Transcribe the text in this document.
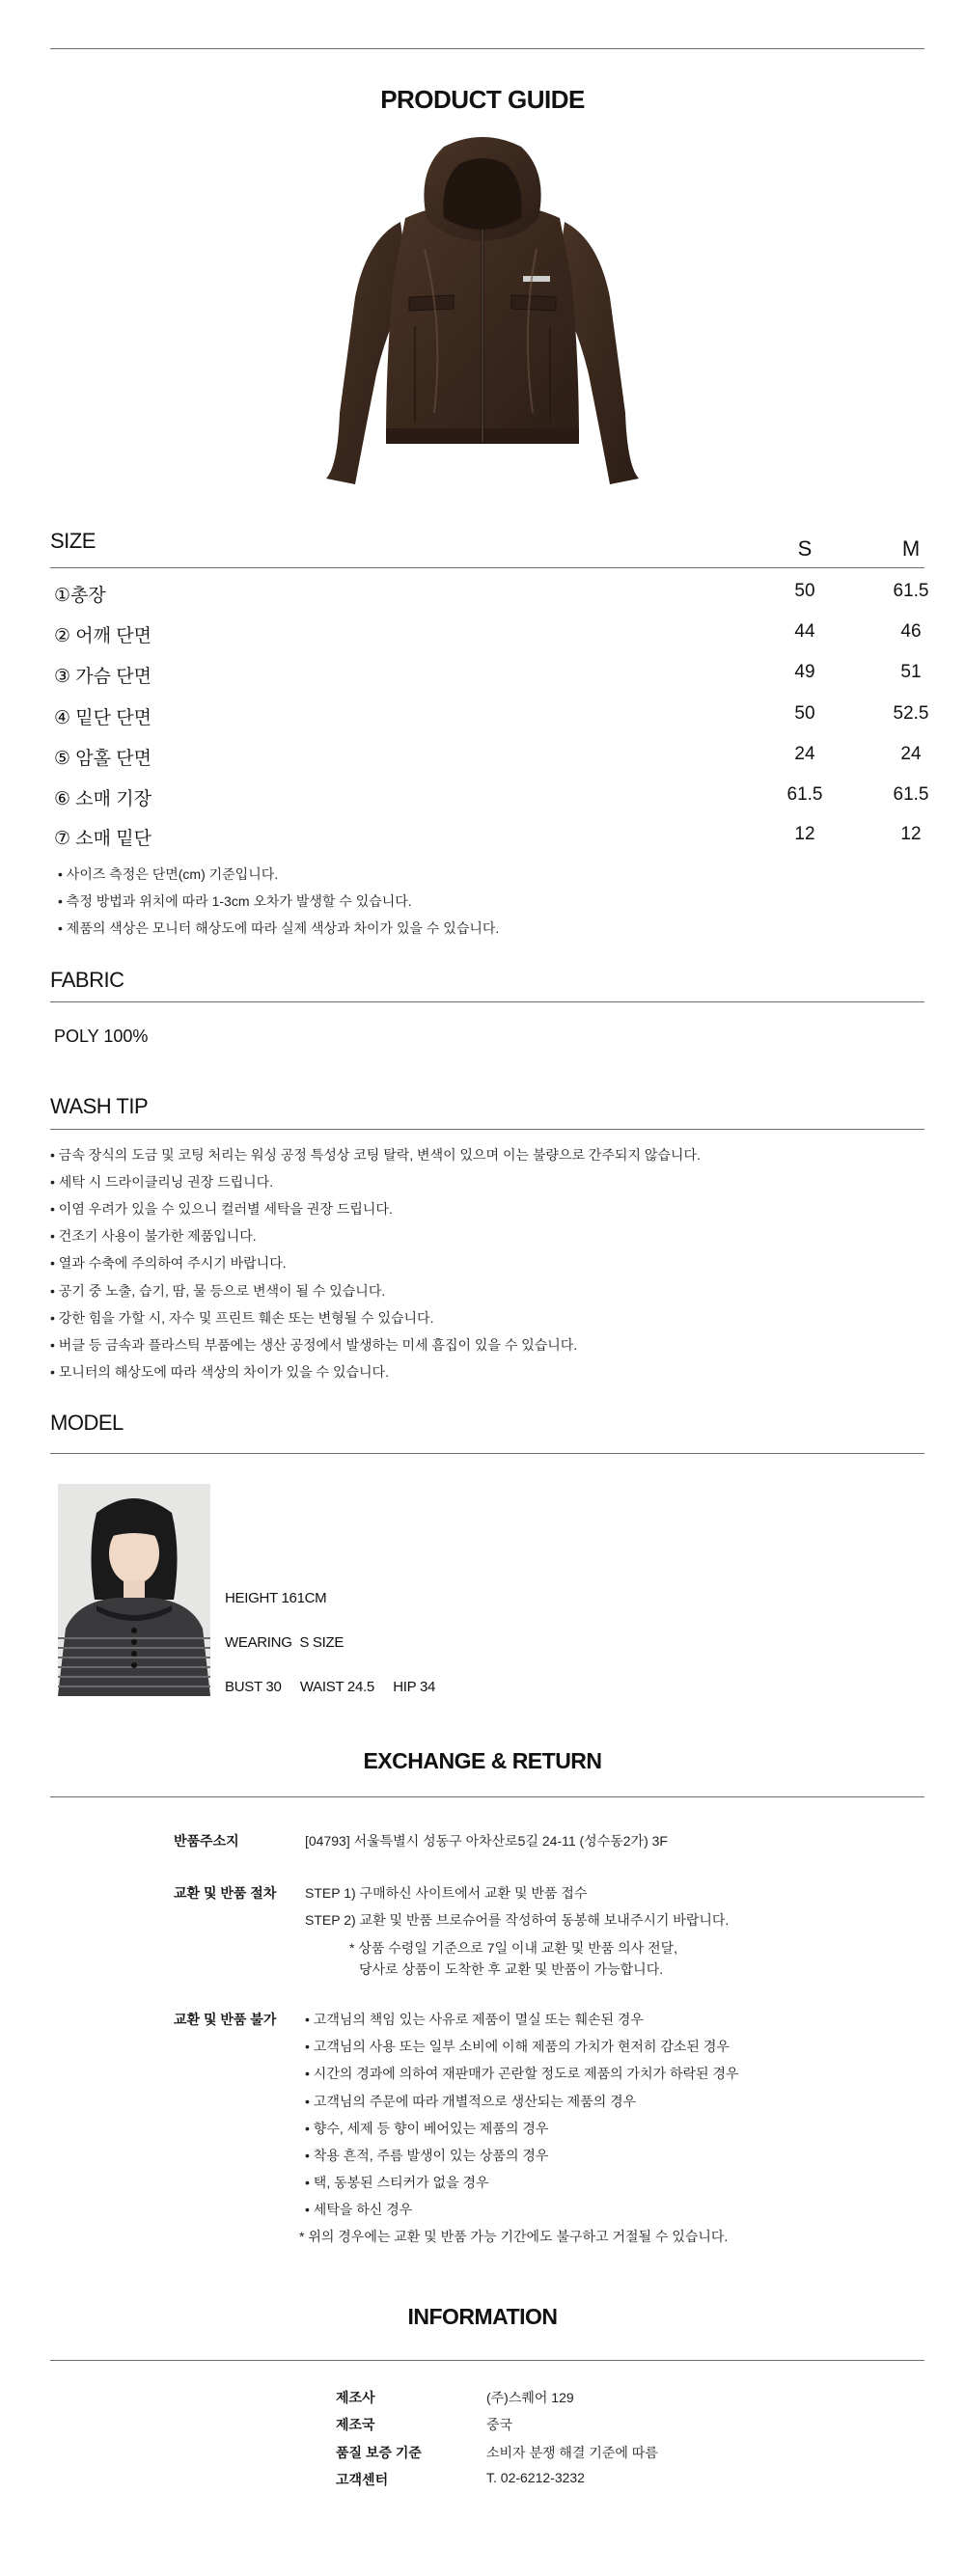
PRODUCT GUIDE
SIZE	S	M
①총장	50	61.5
② 어깨 단면	44	46
③ 가슴 단면	49	51
④ 밑단 단면	50	52.5
⑤ 암홀 단면	24	24
⑥ 소매 기장	61.5	61.5
⑦ 소매 밑단	12	12
• 사이즈 측정은 단면(cm) 기준입니다.
• 측정 방법과 위치에 따라 1-3cm 오차가 발생할 수 있습니다.
• 제품의 색상은 모니터 해상도에 따라 실제 색상과 차이가 있을 수 있습니다.
FABRIC
POLY 100%
WASH TIP
• 금속 장식의 도금 및 코팅 처리는 워싱 공정 특성상 코팅 탈락, 변색이 있으며 이는 불량으로 간주되지 않습니다.
• 세탁 시 드라이클리닝 권장 드립니다.
• 이염 우려가 있을 수 있으니 컬러별 세탁을 권장 드립니다.
• 건조기 사용이 불가한 제품입니다.
• 열과 수축에 주의하여 주시기 바랍니다.
• 공기 중 노출, 습기, 땀, 물 등으로 변색이 될 수 있습니다.
• 강한 힘을 가할 시, 자수 및 프린트 훼손 또는 변형될 수 있습니다.
• 버클 등 금속과 플라스틱 부품에는 생산 공정에서 발생하는 미세 흠집이 있을 수 있습니다.
• 모니터의 해상도에 따라 색상의 차이가 있을 수 있습니다.
MODEL
HEIGHT 161CM
WEARING S SIZE
BUST 30 WAIST 24.5 HIP 34
EXCHANGE & RETURN
반품주소지	[04793] 서울특별시 성동구 아차산로5길 24-11 (성수동2가) 3F
교환 및 반품 절차 STEP 1) 구매하신 사이트에서 교환 및 반품 접수
STEP 2) 교환 및 반품 브로슈어를 작성하여 동봉해 보내주시기 바랍니다.
* 상품 수령일 기준으로 7일 이내 교환 및 반품 의사 전달,
당사로 상품이 도착한 후 교환 및 반품이 가능합니다.
교환 및 반품 불가 • 고객님의 책임 있는 사유로 제품이 멸실 또는 훼손된 경우
• 고객님의 사용 또는 일부 소비에 이해 제품의 가치가 현저히 감소된 경우
• 시간의 경과에 의하여 재판매가 곤란할 정도로 제품의 가치가 하락된 경우
• 고객님의 주문에 따라 개별적으로 생산되는 제품의 경우
• 향수, 세제 등 향이 베어있는 제품의 경우
• 착용 흔적, 주름 발생이 있는 상품의 경우
• 택, 동봉된 스티커가 없을 경우
• 세탁을 하신 경우
* 위의 경우에는 교환 및 반품 가능 기간에도 불구하고 거절될 수 있습니다.
INFORMATION
제조사	(주)스퀘어 129
제조국	중국
품질 보증 기준	소비자 분쟁 해결 기준에 따름
고객센터	T. 02-6212-3232
